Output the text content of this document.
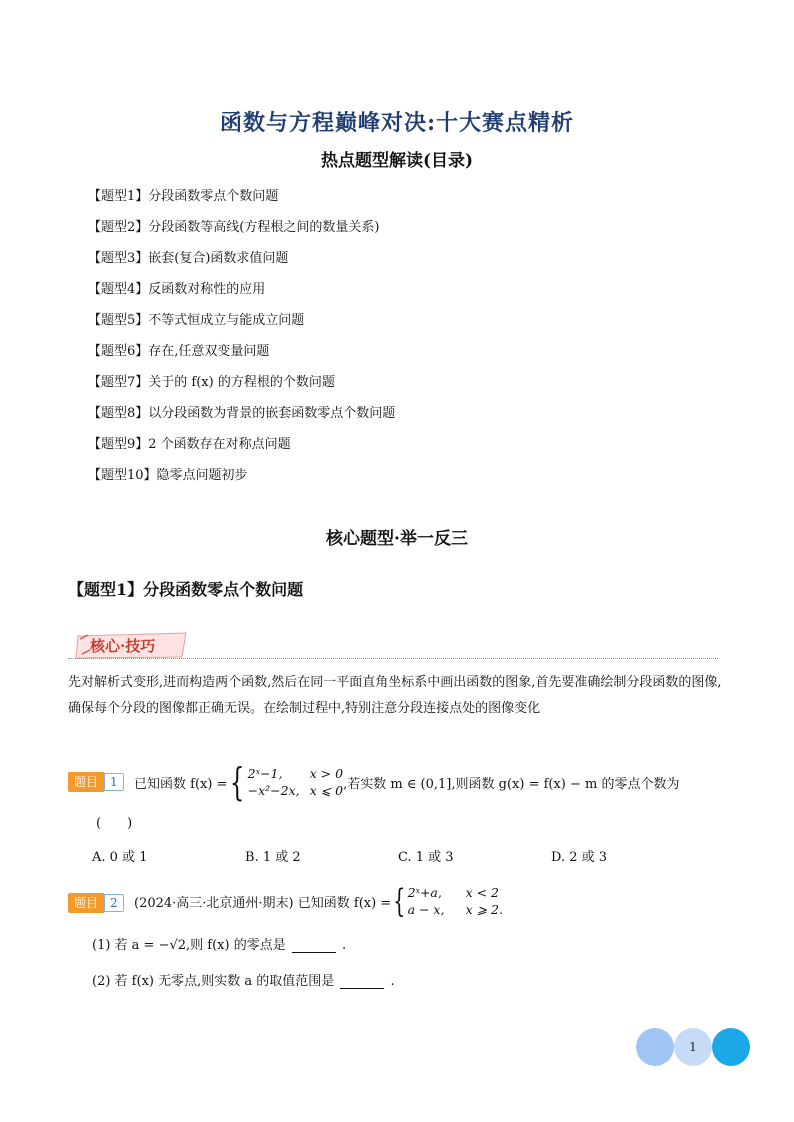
函数与方程巅峰对决:十大赛点精析
热点题型解读(目录)
【题型1】分段函数零点个数问题
【题型2】分段函数等高线(方程根之间的数量关系)
【题型3】嵌套(复合)函数求值问题
【题型4】反函数对称性的应用
【题型5】不等式恒成立与能成立问题
【题型6】存在,任意双变量问题
【题型7】关于的 f(x) 的方程根的个数问题
【题型8】以分段函数为背景的嵌套函数零点个数问题
【题型9】2 个函数存在对称点问题
【题型10】隐零点问题初步
核心题型·举一反三
【题型1】分段函数零点个数问题
核心·技巧
先对解析式变形,进而构造两个函数,然后在同一平面直角坐标系中画出函数的图象,首先要准确绘制分段函数的图像,确保每个分段的图像都正确无误。在绘制过程中,特别注意分段连接点处的图像变化
题目	1	已知函数 f(x) = { 2ˣ−1,	x > 0
−x²−2x, x ⩽ 0 ,若实数 m ∈ (0,1],则函数 g(x) = f(x) − m 的零点个数为
(　　)
A. 0 或 1	B. 1 或 2	C. 1 或 3	D. 2 或 3
题目	2	(2024·高三·北京通州·期末) 已知函数 f(x) = { 2ˣ+a,	x < 2
a − x,	x ⩾ 2.
(1) 若 a = −√2,则 f(x) 的零点是	.
(2) 若 f(x) 无零点,则实数 a 的取值范围是	.
1
